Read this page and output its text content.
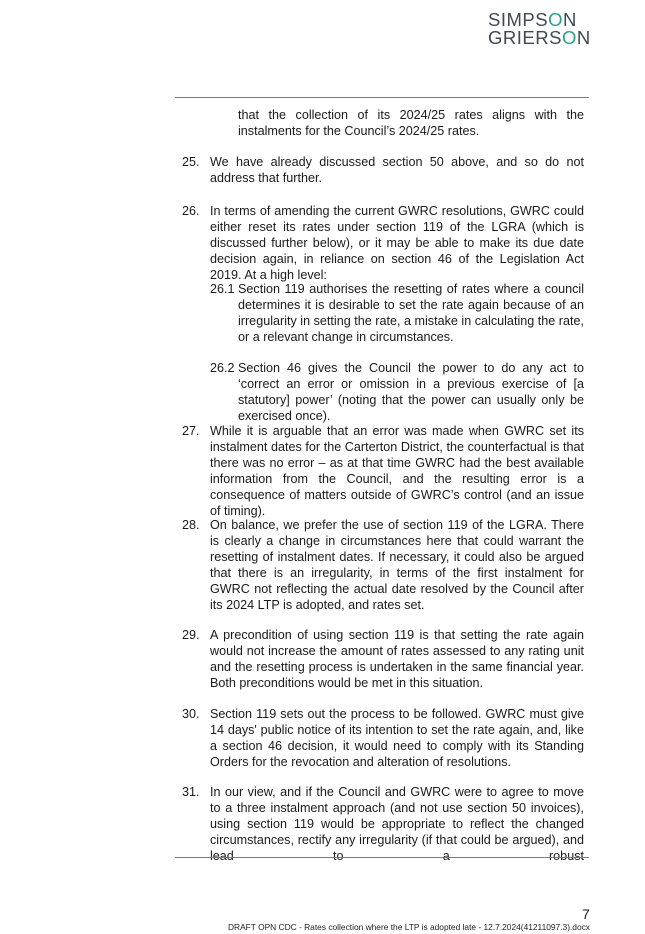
SIMPSON
GRIERSON
that the collection of its 2024/25 rates aligns with the instalments for the Council’s 2024/25 rates.
25. We have already discussed section 50 above, and so do not address that further.
26. In terms of amending the current GWRC resolutions, GWRC could either reset its rates under section 119 of the LGRA (which is discussed further below), or it may be able to make its due date decision again, in reliance on section 46 of the Legislation Act 2019. At a high level:
26.1 Section 119 authorises the resetting of rates where a council determines it is desirable to set the rate again because of an irregularity in setting the rate, a mistake in calculating the rate, or a relevant change in circumstances.
26.2 Section 46 gives the Council the power to do any act to ‘correct an error or omission in a previous exercise of [a statutory] power’ (noting that the power can usually only be exercised once).
27. While it is arguable that an error was made when GWRC set its instalment dates for the Carterton District, the counterfactual is that there was no error – as at that time GWRC had the best available information from the Council, and the resulting error is a consequence of matters outside of GWRC’s control (and an issue of timing).
28. On balance, we prefer the use of section 119 of the LGRA. There is clearly a change in circumstances here that could warrant the resetting of instalment dates. If necessary, it could also be argued that there is an irregularity, in terms of the first instalment for GWRC not reflecting the actual date resolved by the Council after its 2024 LTP is adopted, and rates set.
29. A precondition of using section 119 is that setting the rate again would not increase the amount of rates assessed to any rating unit and the resetting process is undertaken in the same financial year. Both preconditions would be met in this situation.
30. Section 119 sets out the process to be followed. GWRC must give 14 days' public notice of its intention to set the rate again, and, like a section 46 decision, it would need to comply with its Standing Orders for the revocation and alteration of resolutions.
31. In our view, and if the Council and GWRC were to agree to move to a three instalment approach (and not use section 50 invoices), using section 119 would be appropriate to reflect the changed circumstances, rectify any irregularity (if that could be argued), and lead to a robust
7
DRAFT OPN CDC - Rates collection where the LTP is adopted late - 12.7.2024(41211097.3).docx
